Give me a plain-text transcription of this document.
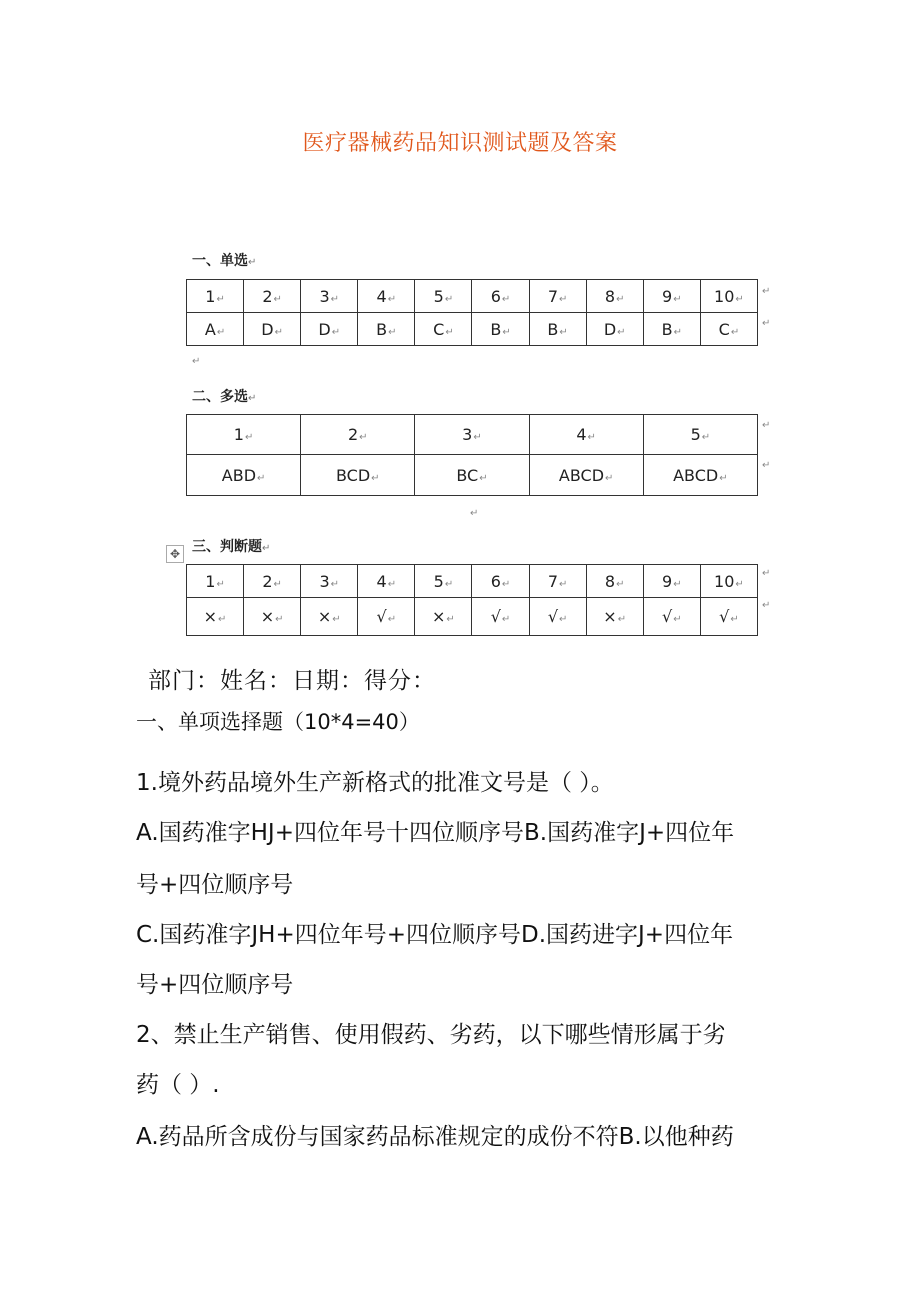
医疗器械药品知识测试题及答案
一、单选↵
1↵	2↵	3↵	4↵	5↵	6↵	7↵	8↵	9↵	10↵
A↵	D↵	D↵	B↵	C↵	B↵	B↵	D↵	B↵	C↵
↵
↵
↵
二、多选↵
1↵	2↵	3↵	4↵	5↵
ABD↵	BCD↵	BC↵	ABCD↵	ABCD↵
↵
↵
↵
✥ 三、判断题↵
1↵	2↵	3↵	4↵	5↵	6↵	7↵	8↵	9↵	10↵
×↵	×↵	×↵	√↵	×↵	√↵	√↵	×↵	√↵	√↵
↵
↵
部门：姓名：日期：得分：
一、单项选择题（10*4=40）
1.境外药品境外生产新格式的批准文号是（ ）。
A.国药准字HJ+四位年号十四位顺序号B.国药准字J+四位年
号+四位顺序号
C.国药准字JH+四位年号+四位顺序号D.国药进字J+四位年
号+四位顺序号
2、禁止生产销售、使用假药、劣药，以下哪些情形属于劣
药（ ）.
A.药品所含成份与国家药品标准规定的成份不符B.以他种药
